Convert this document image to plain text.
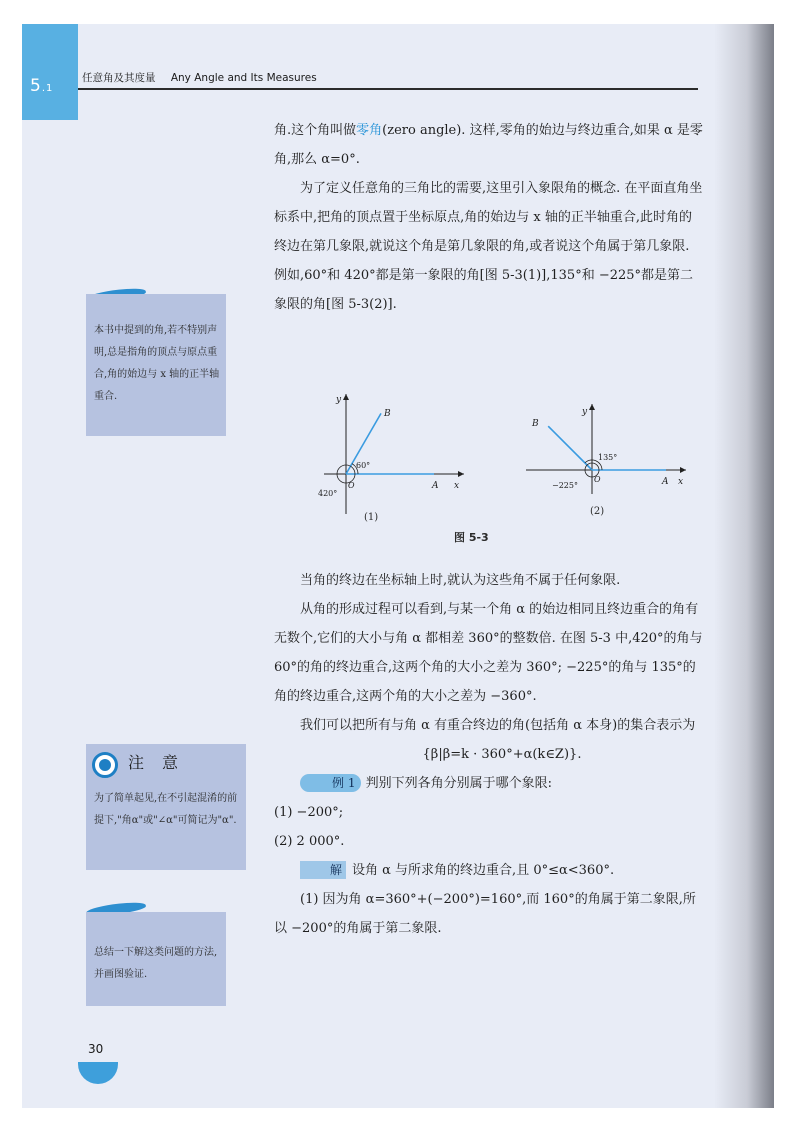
5.1
任意角及其度量 Any Angle and Its Measures
本书中提到的角,若不特别声明,总是指角的顶点与原点重合,角的始边与 x 轴的正半轴重合.
注意
为了简单起见,在不引起混淆的前提下,"角α"或"∠α"可简记为"α".
总结一下解这类问题的方法,并画图验证.

角.这个角叫做零角(zero angle). 这样,零角的始边与终边重合,如果 α 是零角,那么 α=0°.

为了定义任意角的三角比的需要,这里引入象限角的概念. 在平面直角坐标系中,把角的顶点置于坐标原点,角的始边与 x 轴的正半轴重合,此时角的终边在第几象限,就说这个角是第几象限的角,或者说这个角属于第几象限. 例如,60°和 420°都是第一象限的角[图 5-3(1)],135°和 −225°都是第二象限的角[图 5-3(2)].

60°
420°
O
y
x
A
B
(1)
135°
−225°
O
y
x
A
B
(2)
图 5-3

当角的终边在坐标轴上时,就认为这些角不属于任何象限.

从角的形成过程可以看到,与某一个角 α 的始边相同且终边重合的角有无数个,它们的大小与角 α 都相差 360°的整数倍. 在图 5-3 中,420°的角与 60°的角的终边重合,这两个角的大小之差为 360°; −225°的角与 135°的角的终边重合,这两个角的大小之差为 −360°.

我们可以把所有与角 α 有重合终边的角(包括角 α 本身)的集合表示为

{β|β=k · 360°+α(k∈Z)}.

例 1 判别下列各角分别属于哪个象限:

(1) −200°;

(2) 2 000°.

解 设角 α 与所求角的终边重合,且 0°≤α<360°.

(1) 因为角 α=360°+(−200°)=160°,而 160°的角属于第二象限,所以 −200°的角属于第二象限.

30
